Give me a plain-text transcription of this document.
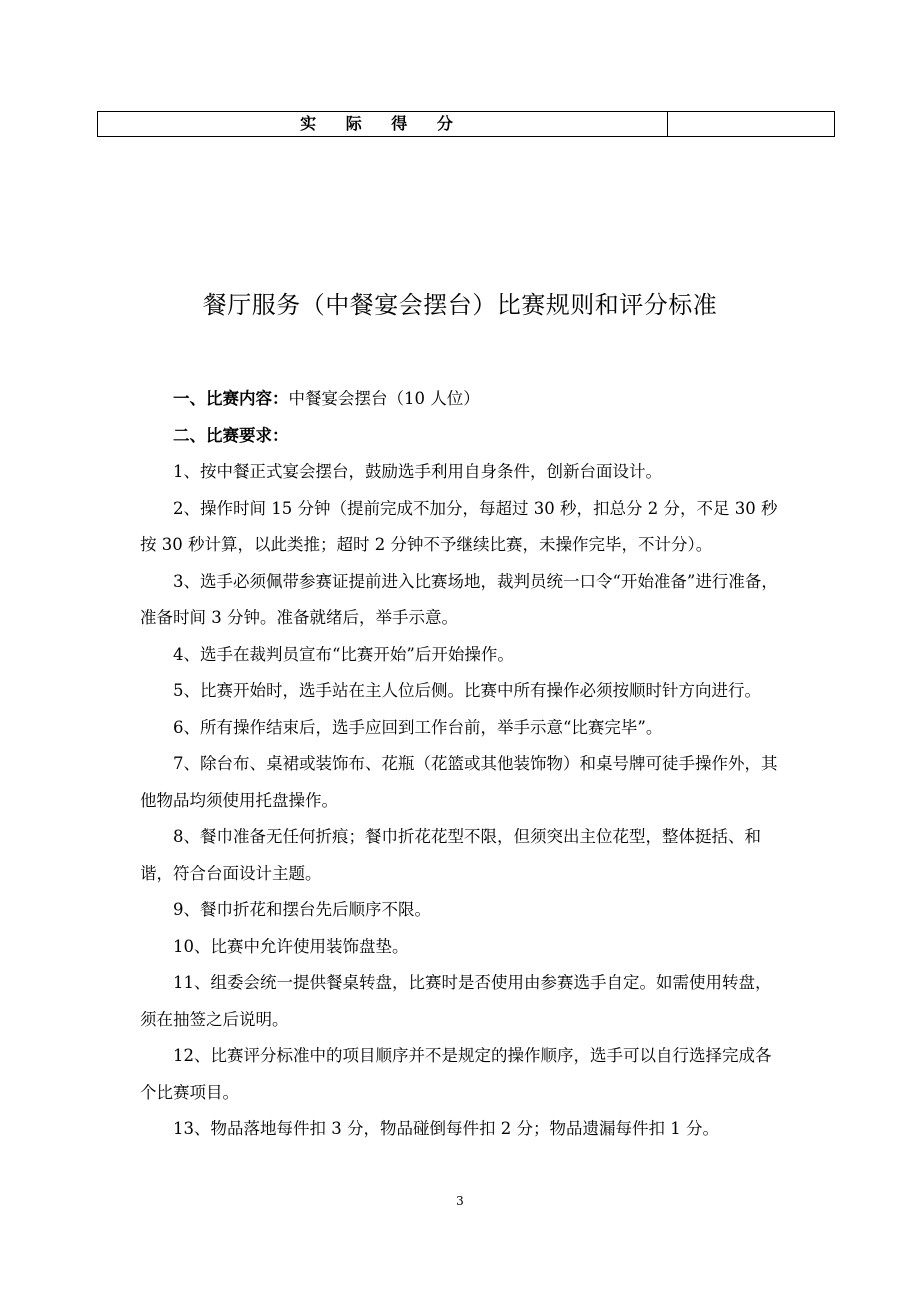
实 际 得 分
餐厅服务（中餐宴会摆台）比赛规则和评分标准

一、比赛内容：中餐宴会摆台（10 人位）

二、比赛要求：

1、按中餐正式宴会摆台，鼓励选手利用自身条件，创新台面设计。

2、操作时间 15 分钟（提前完成不加分，每超过 30 秒，扣总分 2 分，不足 30 秒按 30 秒计算，以此类推；超时 2 分钟不予继续比赛，未操作完毕，不计分）。

3、选手必须佩带参赛证提前进入比赛场地，裁判员统一口令“开始准备”进行准备，准备时间 3 分钟。准备就绪后，举手示意。

4、选手在裁判员宣布“比赛开始”后开始操作。

5、比赛开始时，选手站在主人位后侧。比赛中所有操作必须按顺时针方向进行。

6、所有操作结束后，选手应回到工作台前，举手示意“比赛完毕”。

7、除台布、桌裙或装饰布、花瓶（花篮或其他装饰物）和桌号牌可徒手操作外，其他物品均须使用托盘操作。

8、餐巾准备无任何折痕；餐巾折花花型不限，但须突出主位花型，整体挺括、和谐，符合台面设计主题。

9、餐巾折花和摆台先后顺序不限。

10、比赛中允许使用装饰盘垫。

11、组委会统一提供餐桌转盘，比赛时是否使用由参赛选手自定。如需使用转盘，须在抽签之后说明。

12、比赛评分标准中的项目顺序并不是规定的操作顺序，选手可以自行选择完成各个比赛项目。

13、物品落地每件扣 3 分，物品碰倒每件扣 2 分；物品遗漏每件扣 1 分。

3
